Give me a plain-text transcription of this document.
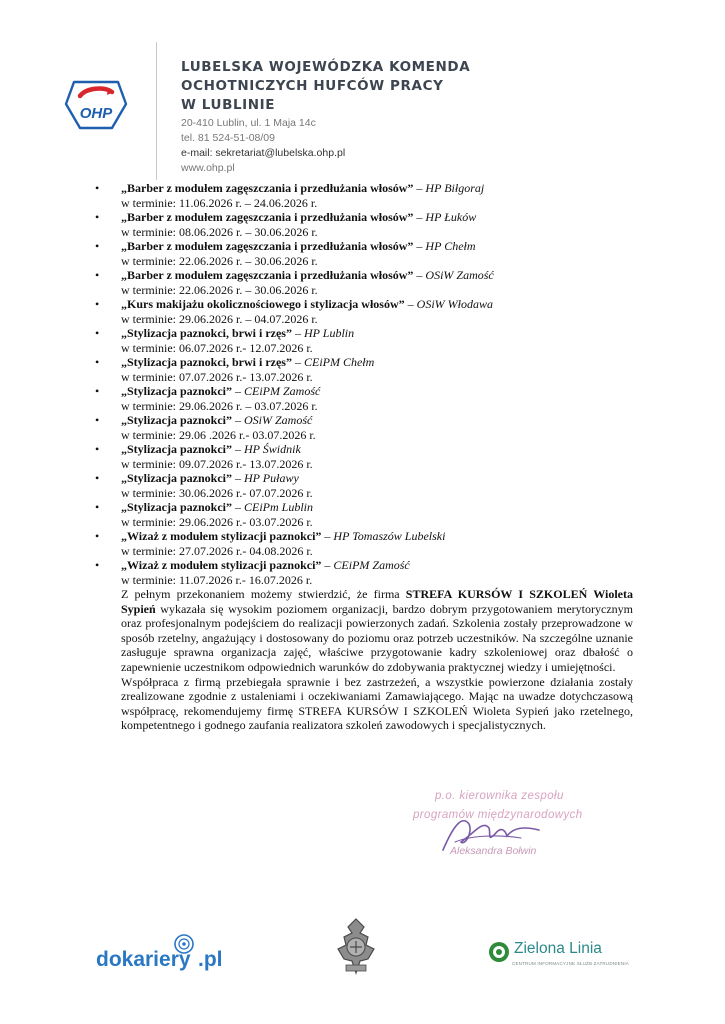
OHP
LUBELSKA WOJEWÓDZKA KOMENDA
OCHOTNICZYCH HUFCÓW PRACY
W LUBLINIE
20-410 Lublin, ul. 1 Maja 14c
tel. 81 524-51-08/09
e-mail: sekretariat@lubelska.ohp.pl
www.ohp.pl
• „Barber z modułem zagęszczania i przedłużania włosów” – HP Biłgoraj
w terminie: 11.06.2026 r. – 24.06.2026 r.
• „Barber z modułem zagęszczania i przedłużania włosów” – HP Łuków
w terminie: 08.06.2026 r. – 30.06.2026 r.
• „Barber z modułem zagęszczania i przedłużania włosów” – HP Chełm
w terminie: 22.06.2026 r. – 30.06.2026 r.
• „Barber z modułem zagęszczania i przedłużania włosów” – OSiW Zamość
w terminie: 22.06.2026 r. – 30.06.2026 r.
• „Kurs makijażu okolicznościowego i stylizacja włosów” – OSiW Włodawa
w terminie: 29.06.2026 r. – 04.07.2026 r.
• „Stylizacja paznokci, brwi i rzęs” – HP Lublin
w terminie: 06.07.2026 r.- 12.07.2026 r.
• „Stylizacja paznokci, brwi i rzęs” – CEiPM Chełm
w terminie: 07.07.2026 r.- 13.07.2026 r.
• „Stylizacja paznokci” – CEiPM Zamość
w terminie: 29.06.2026 r. – 03.07.2026 r.
• „Stylizacja paznokci” – OSiW Zamość
w terminie: 29.06 .2026 r.- 03.07.2026 r.
• „Stylizacja paznokci” – HP Świdnik
w terminie: 09.07.2026 r.- 13.07.2026 r.
• „Stylizacja paznokci” – HP Puławy
w terminie: 30.06.2026 r.- 07.07.2026 r.
• „Stylizacja paznokci” – CEiPm Lublin
w terminie: 29.06.2026 r.- 03.07.2026 r.
• „Wizaż z modułem stylizacji paznokci” – HP Tomaszów Lubelski
w terminie: 27.07.2026 r.- 04.08.2026 r.
• „Wizaż z modułem stylizacji paznokci” – CEiPM Zamość
w terminie: 11.07.2026 r.- 16.07.2026 r.

Z pełnym przekonaniem możemy stwierdzić, że firma STREFA KURSÓW I SZKOLEŃ Wioleta Sypień wykazała się wysokim poziomem organizacji, bardzo dobrym przygotowaniem merytorycznym oraz profesjonalnym podejściem do realizacji powierzonych zadań. Szkolenia zostały przeprowadzone w sposób rzetelny, angażujący i dostosowany do poziomu oraz potrzeb uczestników. Na szczególne uznanie zasługuje sprawna organizacja zajęć, właściwe przygotowanie kadry szkoleniowej oraz dbałość o zapewnienie uczestnikom odpowiednich warunków do zdobywania praktycznej wiedzy i umiejętności.

Współpraca z firmą przebiegała sprawnie i bez zastrzeżeń, a wszystkie powierzone działania zostały zrealizowane zgodnie z ustaleniami i oczekiwaniami Zamawiającego. Mając na uwadze dotychczasową współpracę, rekomendujemy firmę STREFA KURSÓW I SZKOLEŃ Wioleta Sypień jako rzetelnego, kompetentnego i godnego zaufania realizatora szkoleń zawodowych i specjalistycznych.

p.o. kierownika zespołu
programów międzynarodowych
Aleksandra Bołwin
dokariery .pl	Zielona Linia
CENTRUM INFORMACYJNE SŁUŻB ZATRUDNIENIA
